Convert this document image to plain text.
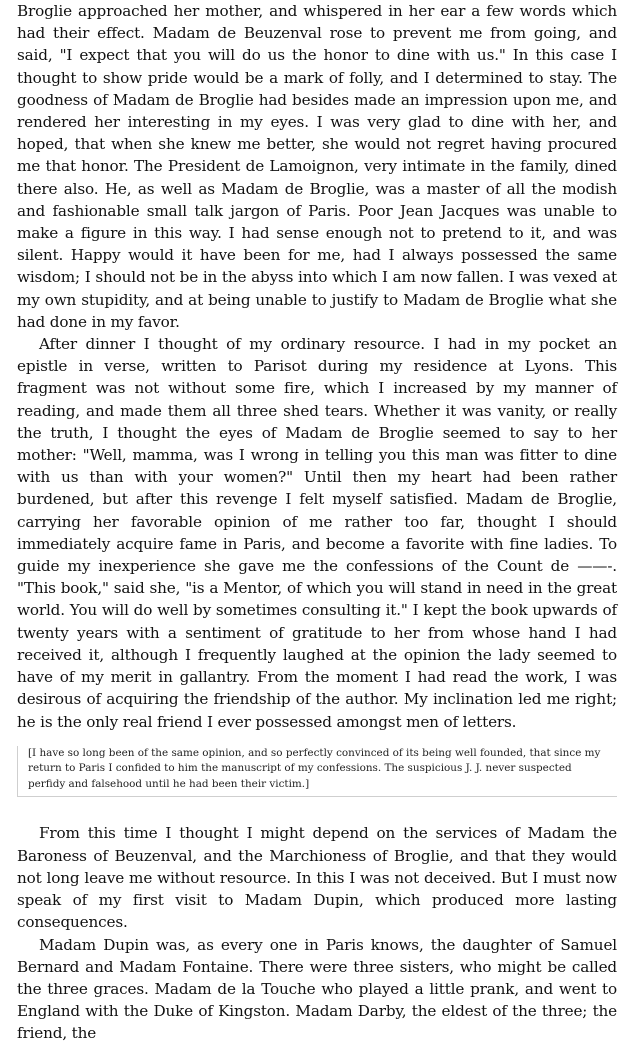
Broglie approached her mother, and whispered in her ear a few words which had their effect. Madam de Beuzenval rose to prevent me from going, and said, "I expect that you will do us the honor to dine with us." In this case I thought to show pride would be a mark of folly, and I determined to stay. The goodness of Madam de Broglie had besides made an impression upon me, and rendered her interesting in my eyes. I was very glad to dine with her, and hoped, that when she knew me better, she would not regret having procured me that honor. The President de Lamoignon, very intimate in the family, dined there also. He, as well as Madam de Broglie, was a master of all the modish and fashionable small talk jargon of Paris. Poor Jean Jacques was unable to make a figure in this way. I had sense enough not to pretend to it, and was silent. Happy would it have been for me, had I always possessed the same wisdom; I should not be in the abyss into which I am now fallen. I was vexed at my own stupidity, and at being unable to justify to Madam de Broglie what she had done in my favor.

After dinner I thought of my ordinary resource. I had in my pocket an epistle in verse, written to Parisot during my residence at Lyons. This fragment was not without some fire, which I increased by my manner of reading, and made them all three shed tears. Whether it was vanity, or really the truth, I thought the eyes of Madam de Broglie seemed to say to her mother: "Well, mamma, was I wrong in telling you this man was fitter to dine with us than with your women?" Until then my heart had been rather burdened, but after this revenge I felt myself satisfied. Madam de Broglie, carrying her favorable opinion of me rather too far, thought I should immediately acquire fame in Paris, and become a favorite with fine ladies. To guide my inexperience she gave me the confessions of the Count de ——-. "This book," said she, "is a Mentor, of which you will stand in need in the great world. You will do well by sometimes consulting it." I kept the book upwards of twenty years with a sentiment of gratitude to her from whose hand I had received it, although I frequently laughed at the opinion the lady seemed to have of my merit in gallantry. From the moment I had read the work, I was desirous of acquiring the friendship of the author. My inclination led me right; he is the only real friend I ever possessed amongst men of letters.

[I have so long been of the same opinion, and so perfectly convinced of its being well founded, that since my return to Paris I confided to him the manuscript of my confessions. The suspicious J. J. never suspected perfidy and falsehood until he had been their victim.]

From this time I thought I might depend on the services of Madam the Baroness of Beuzenval, and the Marchioness of Broglie, and that they would not long leave me without resource. In this I was not deceived. But I must now speak of my first visit to Madam Dupin, which produced more lasting consequences.

Madam Dupin was, as every one in Paris knows, the daughter of Samuel Bernard and Madam Fontaine. There were three sisters, who might be called the three graces. Madam de la Touche who played a little prank, and went to England with the Duke of Kingston. Madam Darby, the eldest of the three; the friend, the
